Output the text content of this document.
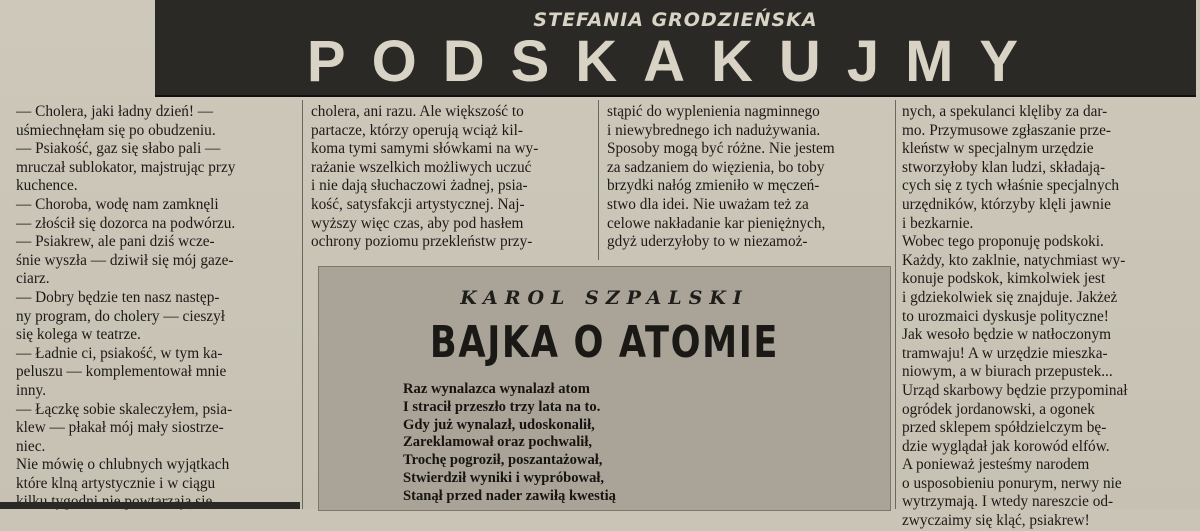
STEFANIA GRODZIEŃSKA
PODSKAKUJMY
— Cholera, jaki ładny dzień! —
uśmiechnęłam się po obudzeniu.
— Psiakość, gaz się słabo pali —
mruczał sublokator, majstrując przy
kuchence.
— Choroba, wodę nam zamknęli
— złościł się dozorca na podwórzu.
— Psiakrew, ale pani dziś wcze-
śnie wyszła — dziwił się mój gaze-
ciarz.
— Dobry będzie ten nasz następ-
ny program, do cholery — cieszył
się kolega w teatrze.
— Ładnie ci, psiakość, w tym ka-
peluszu — komplementował mnie
inny.
— Łączkę sobie skaleczyłem, psia-
klew — płakał mój mały siostrze-
niec.
Nie mówię o chlubnych wyjątkach
które klną artystycznie i w ciągu
cholera, ani razu. Ale większość to
partacze, którzy operują wciąż kil-
koma tymi samymi słówkami na wy-
rażanie wszelkich możliwych uczuć
i nie dają słuchaczowi żadnej, psia-
kość, satysfakcji artystycznej. Naj-
wyższy więc czas, aby pod hasłem
ochrony poziomu przekleństw przy-
stąpić do wyplenienia nagminnego
i niewybrednego ich nadużywania.
Sposoby mogą być różne. Nie jestem
za sadzaniem do więzienia, bo toby
brzydki nałóg zmieniło w męczeń-
stwo dla idei. Nie uważam też za
celowe nakładanie kar pieniężnych,
gdyż uderzyłoby to w niezamoż-
nych, a spekulanci klęliby za dar-
mo. Przymusowe zgłaszanie prze-
kleństw w specjalnym urzędzie
stworzyłoby klan ludzi, składają-
cych się z tych właśnie specjalnych
urzędników, którzyby klęli jawnie
i bezkarnie.
Wobec tego proponuję podskoki.
Każdy, kto zaklnie, natychmiast wy-
konuje podskok, kimkolwiek jest
i gdziekolwiek się znajduje. Jakżeż
to urozmaici dyskusje polityczne!
Jak wesoło będzie w natłoczonym
tramwaju! A w urzędzie mieszka-
niowym, a w biurach przepustek...
Urząd skarbowy będzie przypominał
ogródek jordanowski, a ogonek
przed sklepem spółdzielczym bę-
dzie wyglądał jak korowód elfów.
A ponieważ jesteśmy narodem
o usposobieniu ponurym, nerwy nie
wytrzymają. I wtedy nareszcie od-
zwyczaimy się kląć, psiakrew!
KAROL SZPALSKI
BAJKA O ATOMIE
Raz wynalazca wynalazł atom
I stracił przeszło trzy lata na to.
Gdy już wynalazł, udoskonalił,
Zareklamował oraz pochwalił,
Trochę pogroził, poszantażował,
Stwierdził wyniki i wypróbował,
Stanął przed nader zawiłą kwestią
